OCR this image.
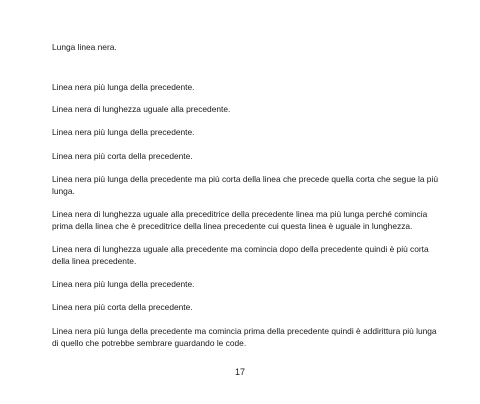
Lunga linea nera.

Linea nera più lunga della precedente.

Linea nera di lunghezza uguale alla precedente.

Linea nera più lunga della precedente.

Linea nera più corta della precedente.

Linea nera più lunga della precedente ma più corta della linea che precede quella corta che segue la più lunga.

Linea nera di lunghezza uguale alla preceditrice della precedente linea ma più lunga perché comincia prima della linea che è preceditrice della linea precedente cui questa linea è uguale in lunghezza.

Linea nera di lunghezza uguale alla precedente ma comincia dopo della precedente quindi è più corta della linea precedente.

Linea nera più lunga della precedente.

Linea nera più corta della precedente.

Linea nera più lunga della precedente ma comincia prima della precedente quindi è addirittura più lunga di quello che potrebbe sembrare guardando le code.

17
